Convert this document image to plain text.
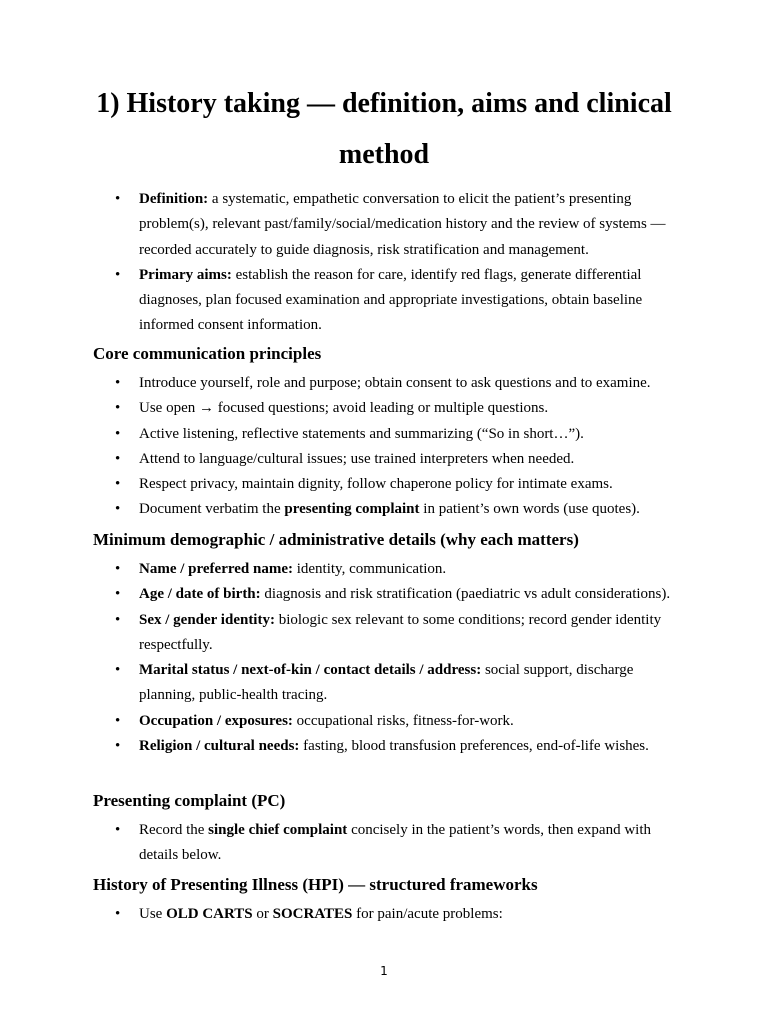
1) History taking — definition, aims and clinical method
• Definition: a systematic, empathetic conversation to elicit the patient’s presenting problem(s), relevant past/family/social/medication history and the review of systems — recorded accurately to guide diagnosis, risk stratification and management.
• Primary aims: establish the reason for care, identify red flags, generate differential diagnoses, plan focused examination and appropriate investigations, obtain baseline informed consent information.
Core communication principles
• Introduce yourself, role and purpose; obtain consent to ask questions and to examine.
• Use open → focused questions; avoid leading or multiple questions.
• Active listening, reflective statements and summarizing (“So in short…”).
• Attend to language/cultural issues; use trained interpreters when needed.
• Respect privacy, maintain dignity, follow chaperone policy for intimate exams.
• Document verbatim the presenting complaint in patient’s own words (use quotes).
Minimum demographic / administrative details (why each matters)
• Name / preferred name: identity, communication.
• Age / date of birth: diagnosis and risk stratification (paediatric vs adult considerations).
• Sex / gender identity: biologic sex relevant to some conditions; record gender identity respectfully.
• Marital status / next-of-kin / contact details / address: social support, discharge planning, public-health tracing.
• Occupation / exposures: occupational risks, fitness-for-work.
• Religion / cultural needs: fasting, blood transfusion preferences, end-of-life wishes.
Presenting complaint (PC)
• Record the single chief complaint concisely in the patient’s words, then expand with details below.
History of Presenting Illness (HPI) — structured frameworks
• Use OLD CARTS or SOCRATES for pain/acute problems:
1
